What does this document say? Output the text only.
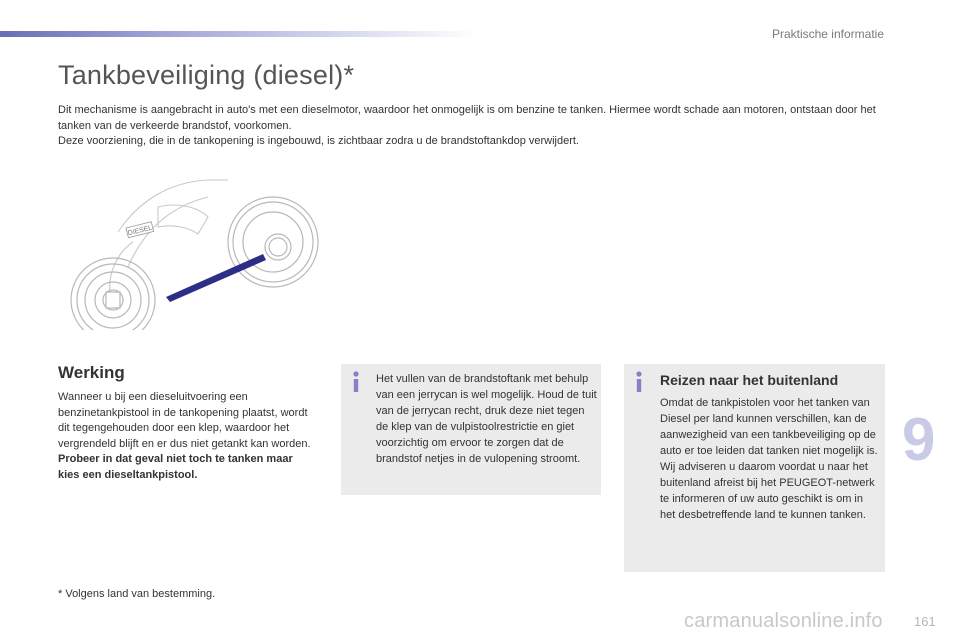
Praktische informatie
Tankbeveiliging (diesel)*

Dit mechanisme is aangebracht in auto's met een dieselmotor, waardoor het onmogelijk is om benzine te tanken. Hiermee wordt schade aan motoren, ontstaan door het tanken van de verkeerde brandstof, voorkomen.

Deze voorziening, die in de tankopening is ingebouwd, is zichtbaar zodra u de brandstoftankdop verwijdert.

DIESEL
Werking

Wanneer u bij een dieseluitvoering een benzinetankpistool in de tankopening plaatst, wordt dit tegengehouden door een klep, waardoor het vergrendeld blijft en er dus niet getankt kan worden.

Probeer in dat geval niet toch te tanken maar kies een dieseltankpistool.

Het vullen van de brandstoftank met behulp van een jerrycan is wel mogelijk. Houd de tuit van de jerrycan recht, druk deze niet tegen de klep van de vulpistoolrestrictie en giet voorzichtig om ervoor te zorgen dat de brandstof netjes in de vulopening stroomt.
Reizen naar het buitenland
Omdat de tankpistolen voor het tanken van Diesel per land kunnen verschillen, kan de aanwezigheid van een tankbeveiliging op de auto er toe leiden dat tanken niet mogelijk is.
Wij adviseren u daarom voordat u naar het buitenland afreist bij het PEUGEOT-netwerk te informeren of uw auto geschikt is om in het desbetreffende land te kunnen tanken.
9
* Volgens land van bestemming.
carmanualsonline.info 161
